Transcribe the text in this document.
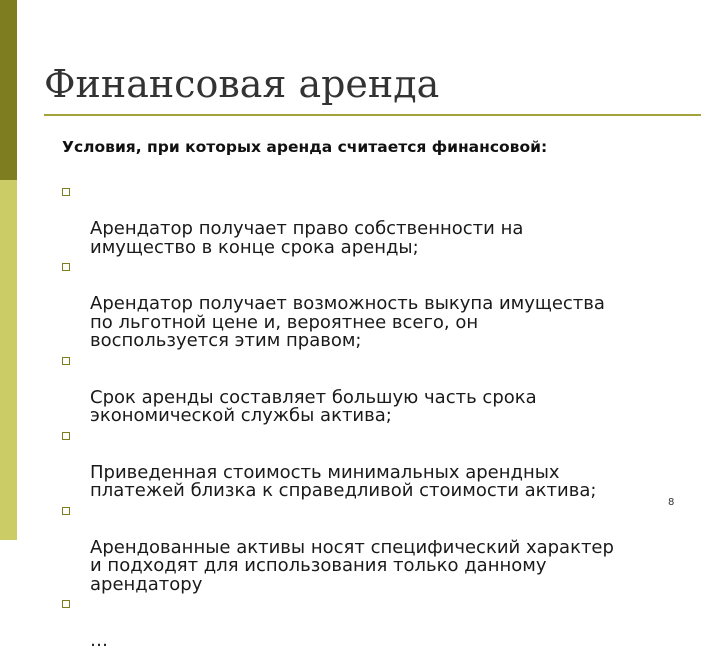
Финансовая аренда

Условия, при которых аренда считается финансовой:

Арендатор получает право собственности на
имущество в конце срока аренды;

Арендатор получает возможность выкупа имущества
по льготной цене и, вероятнее всего, он
воспользуется этим правом;

Срок аренды составляет большую часть срока
экономической службы актива;

Приведенная стоимость минимальных арендных
платежей близка к справедливой стоимости актива;

Арендованные активы носят специфический характер
и подходят для использования только данному
арендатору

…

8
